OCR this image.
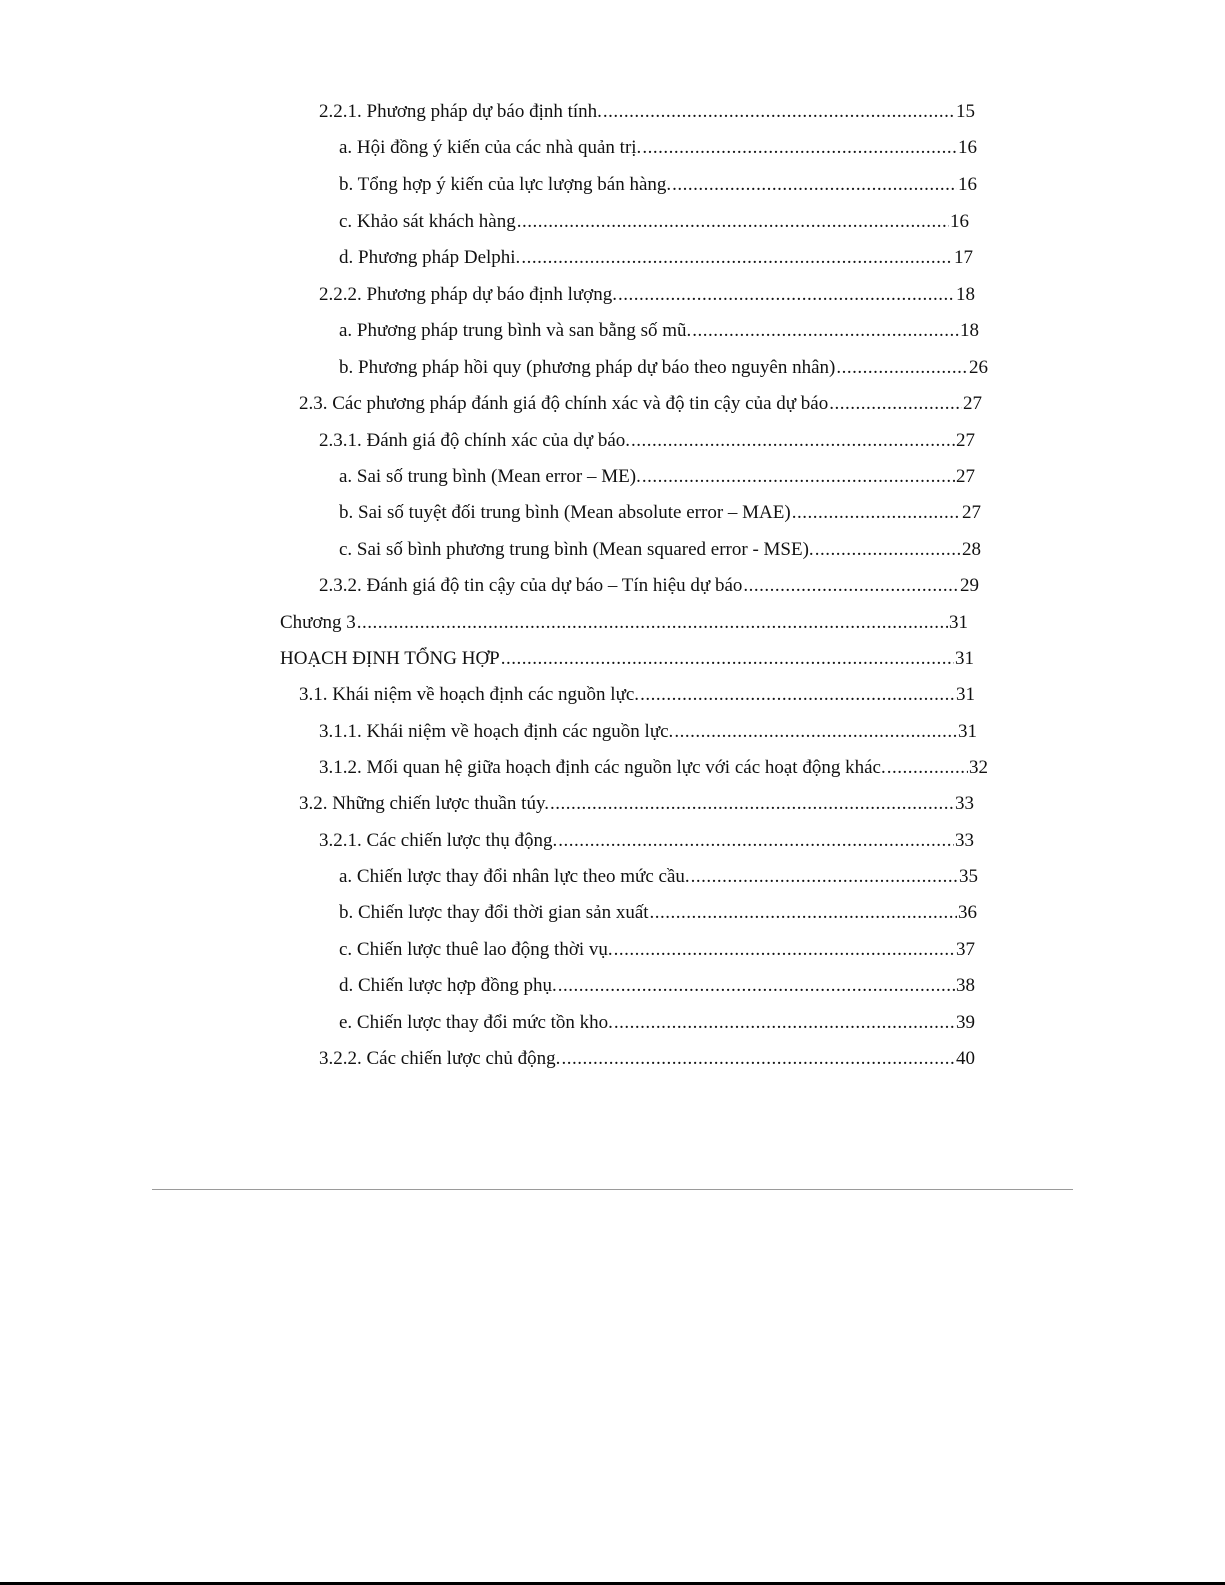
2.2.1. Phương pháp dự báo định tính. .....	15
a. Hội đồng ý kiến của các nhà quản trị. .....	16
b. Tổng hợp ý kiến của lực lượng bán hàng. .....	16
c. Khảo sát khách hàng .....	16
d. Phương pháp Delphi. .....	17
2.2.2. Phương pháp dự báo định lượng. .....	18
a. Phương pháp trung bình và san bằng số mũ. .....	18
b. Phương pháp hồi quy (phương pháp dự báo theo nguyên nhân) .....	26
2.3. Các phương pháp đánh giá độ chính xác và độ tin cậy của dự báo .....	27
2.3.1. Đánh giá độ chính xác của dự báo. .....	27
a. Sai số trung bình (Mean error – ME). .....	27
b. Sai số tuyệt đối trung bình (Mean absolute error – MAE) .....	27
c. Sai số bình phương trung bình (Mean squared error - MSE). .....	28
2.3.2. Đánh giá độ tin cậy của dự báo – Tín hiệu dự báo .....	29
Chương 3 .....	31
HOẠCH ĐỊNH TỔNG HỢP .....	31
3.1. Khái niệm về hoạch định các nguồn lực. .....	31
3.1.1. Khái niệm về hoạch định các nguồn lực. .....	31
3.1.2. Mối quan hệ giữa hoạch định các nguồn lực với các hoạt động khác. .....	32
3.2. Những chiến lược thuần túy. .....	33
3.2.1. Các chiến lược thụ động. .....	33
a. Chiến lược thay đổi nhân lực theo mức cầu. .....	35
b. Chiến lược thay đổi thời gian sản xuất .....	36
c. Chiến lược thuê lao động thời vụ. .....	37
d. Chiến lược hợp đồng phụ. .....	38
e. Chiến lược thay đổi mức tồn kho. .....	39
3.2.2. Các chiến lược chủ động. .....	40
